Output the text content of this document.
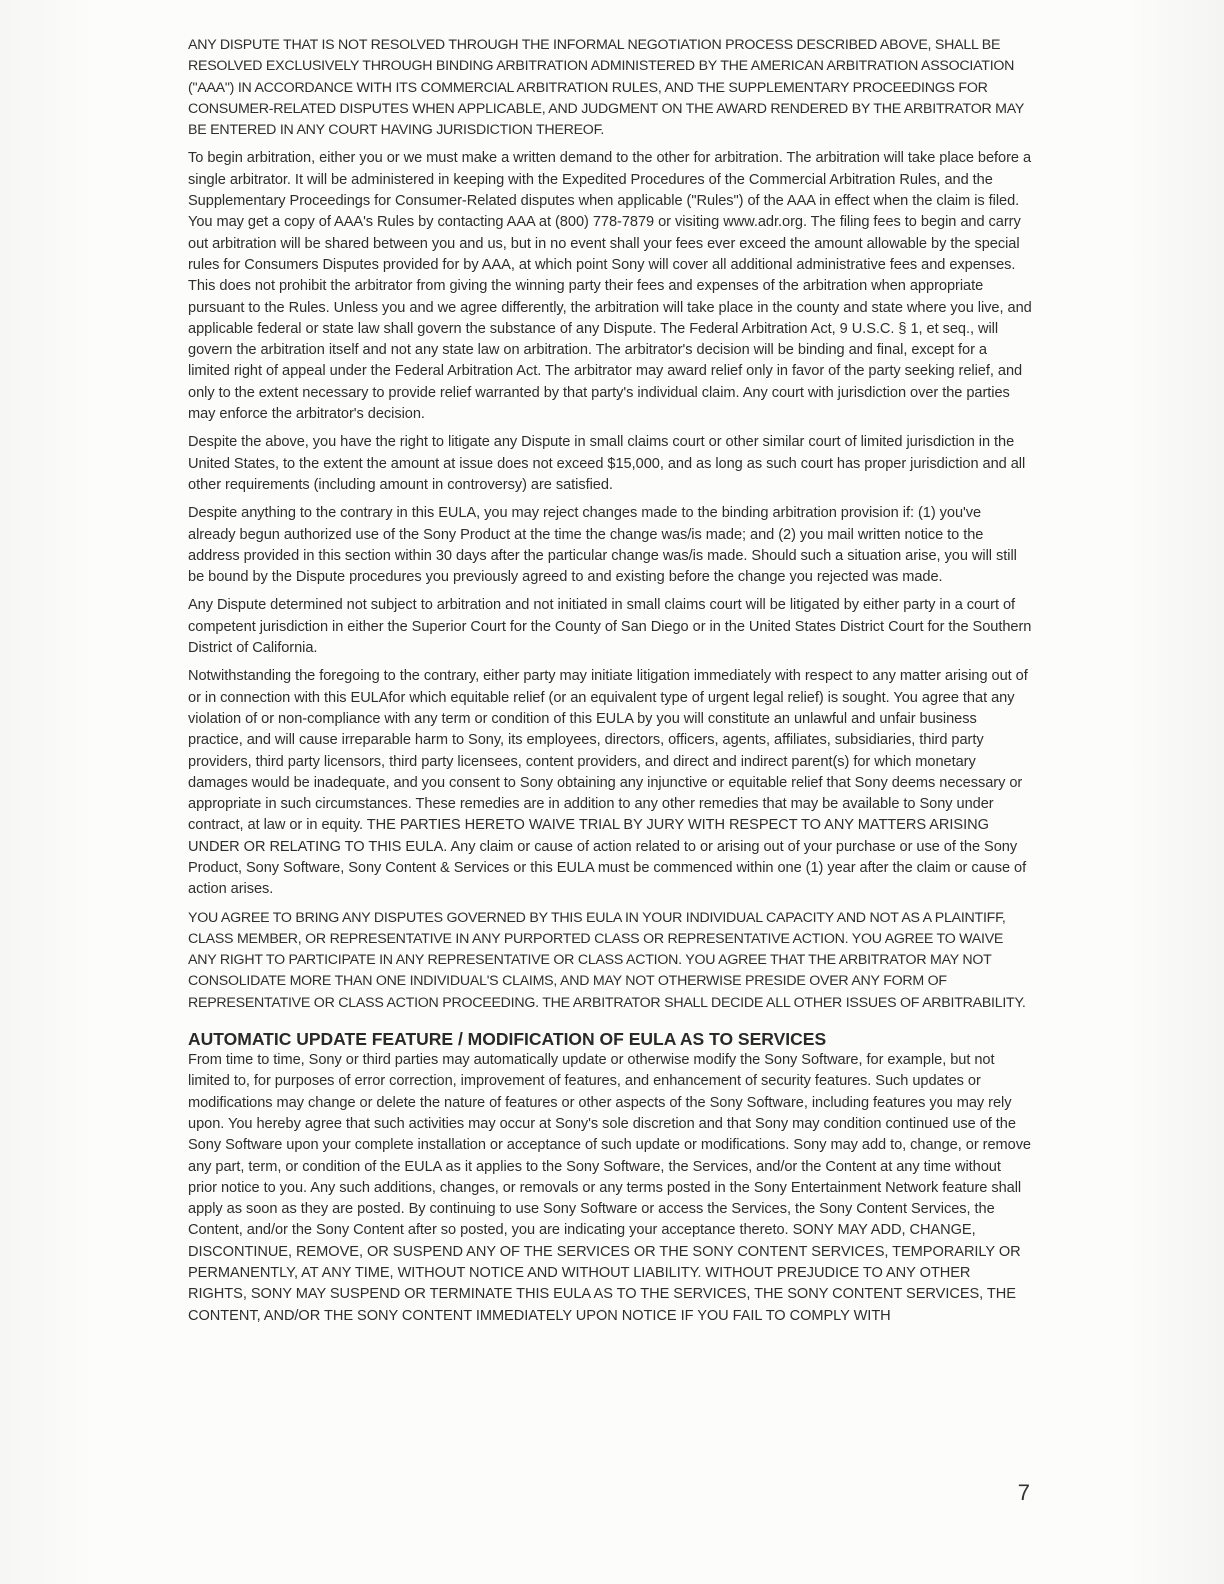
ANY DISPUTE THAT IS NOT RESOLVED THROUGH THE INFORMAL NEGOTIATION PROCESS DESCRIBED ABOVE, SHALL BE RESOLVED EXCLUSIVELY THROUGH BINDING ARBITRATION ADMINISTERED BY THE AMERICAN ARBITRATION ASSOCIATION ("AAA") IN ACCORDANCE WITH ITS COMMERCIAL ARBITRATION RULES, AND THE SUPPLEMENTARY PROCEEDINGS FOR CONSUMER-RELATED DISPUTES WHEN APPLICABLE, AND JUDGMENT ON THE AWARD RENDERED BY THE ARBITRATOR MAY BE ENTERED IN ANY COURT HAVING JURISDICTION THEREOF.

To begin arbitration, either you or we must make a written demand to the other for arbitration. The arbitration will take place before a single arbitrator. It will be administered in keeping with the Expedited Procedures of the Commercial Arbitration Rules, and the Supplementary Proceedings for Consumer-Related disputes when applicable ("Rules") of the AAA in effect when the claim is filed. You may get a copy of AAA's Rules by contacting AAA at (800) 778-7879 or visiting www.adr.org. The filing fees to begin and carry out arbitration will be shared between you and us, but in no event shall your fees ever exceed the amount allowable by the special rules for Consumers Disputes provided for by AAA, at which point Sony will cover all additional administrative fees and expenses. This does not prohibit the arbitrator from giving the winning party their fees and expenses of the arbitration when appropriate pursuant to the Rules. Unless you and we agree differently, the arbitration will take place in the county and state where you live, and applicable federal or state law shall govern the substance of any Dispute. The Federal Arbitration Act, 9 U.S.C. § 1, et seq., will govern the arbitration itself and not any state law on arbitration. The arbitrator's decision will be binding and final, except for a limited right of appeal under the Federal Arbitration Act. The arbitrator may award relief only in favor of the party seeking relief, and only to the extent necessary to provide relief warranted by that party's individual claim. Any court with jurisdiction over the parties may enforce the arbitrator's decision.

Despite the above, you have the right to litigate any Dispute in small claims court or other similar court of limited jurisdiction in the United States, to the extent the amount at issue does not exceed $15,000, and as long as such court has proper jurisdiction and all other requirements (including amount in controversy) are satisfied.

Despite anything to the contrary in this EULA, you may reject changes made to the binding arbitration provision if: (1) you've already begun authorized use of the Sony Product at the time the change was/is made; and (2) you mail written notice to the address provided in this section within 30 days after the particular change was/is made. Should such a situation arise, you will still be bound by the Dispute procedures you previously agreed to and existing before the change you rejected was made.

Any Dispute determined not subject to arbitration and not initiated in small claims court will be litigated by either party in a court of competent jurisdiction in either the Superior Court for the County of San Diego or in the United States District Court for the Southern District of California.

Notwithstanding the foregoing to the contrary, either party may initiate litigation immediately with respect to any matter arising out of or in connection with this EULAfor which equitable relief (or an equivalent type of urgent legal relief) is sought. You agree that any violation of or non-compliance with any term or condition of this EULA by you will constitute an unlawful and unfair business practice, and will cause irreparable harm to Sony, its employees, directors, officers, agents, affiliates, subsidiaries, third party providers, third party licensors, third party licensees, content providers, and direct and indirect parent(s) for which monetary damages would be inadequate, and you consent to Sony obtaining any injunctive or equitable relief that Sony deems necessary or appropriate in such circumstances. These remedies are in addition to any other remedies that may be available to Sony under contract, at law or in equity. THE PARTIES HERETO WAIVE TRIAL BY JURY WITH RESPECT TO ANY MATTERS ARISING UNDER OR RELATING TO THIS EULA. Any claim or cause of action related to or arising out of your purchase or use of the Sony Product, Sony Software, Sony Content & Services or this EULA must be commenced within one (1) year after the claim or cause of action arises.

YOU AGREE TO BRING ANY DISPUTES GOVERNED BY THIS EULA IN YOUR INDIVIDUAL CAPACITY AND NOT AS A PLAINTIFF, CLASS MEMBER, OR REPRESENTATIVE IN ANY PURPORTED CLASS OR REPRESENTATIVE ACTION. YOU AGREE TO WAIVE ANY RIGHT TO PARTICIPATE IN ANY REPRESENTATIVE OR CLASS ACTION. YOU AGREE THAT THE ARBITRATOR MAY NOT CONSOLIDATE MORE THAN ONE INDIVIDUAL'S CLAIMS, AND MAY NOT OTHERWISE PRESIDE OVER ANY FORM OF REPRESENTATIVE OR CLASS ACTION PROCEEDING. THE ARBITRATOR SHALL DECIDE ALL OTHER ISSUES OF ARBITRABILITY.

AUTOMATIC UPDATE FEATURE / MODIFICATION OF EULA AS TO SERVICES

From time to time, Sony or third parties may automatically update or otherwise modify the Sony Software, for example, but not limited to, for purposes of error correction, improvement of features, and enhancement of security features. Such updates or modifications may change or delete the nature of features or other aspects of the Sony Software, including features you may rely upon. You hereby agree that such activities may occur at Sony's sole discretion and that Sony may condition continued use of the Sony Software upon your complete installation or acceptance of such update or modifications. Sony may add to, change, or remove any part, term, or condition of the EULA as it applies to the Sony Software, the Services, and/or the Content at any time without prior notice to you. Any such additions, changes, or removals or any terms posted in the Sony Entertainment Network feature shall apply as soon as they are posted. By continuing to use Sony Software or access the Services, the Sony Content Services, the Content, and/or the Sony Content after so posted, you are indicating your acceptance thereto. SONY MAY ADD, CHANGE, DISCONTINUE, REMOVE, OR SUSPEND ANY OF THE SERVICES OR THE SONY CONTENT SERVICES, TEMPORARILY OR PERMANENTLY, AT ANY TIME, WITHOUT NOTICE AND WITHOUT LIABILITY. WITHOUT PREJUDICE TO ANY OTHER RIGHTS, SONY MAY SUSPEND OR TERMINATE THIS EULA AS TO THE SERVICES, THE SONY CONTENT SERVICES, THE CONTENT, AND/OR THE SONY CONTENT IMMEDIATELY UPON NOTICE IF YOU FAIL TO COMPLY WITH

7
